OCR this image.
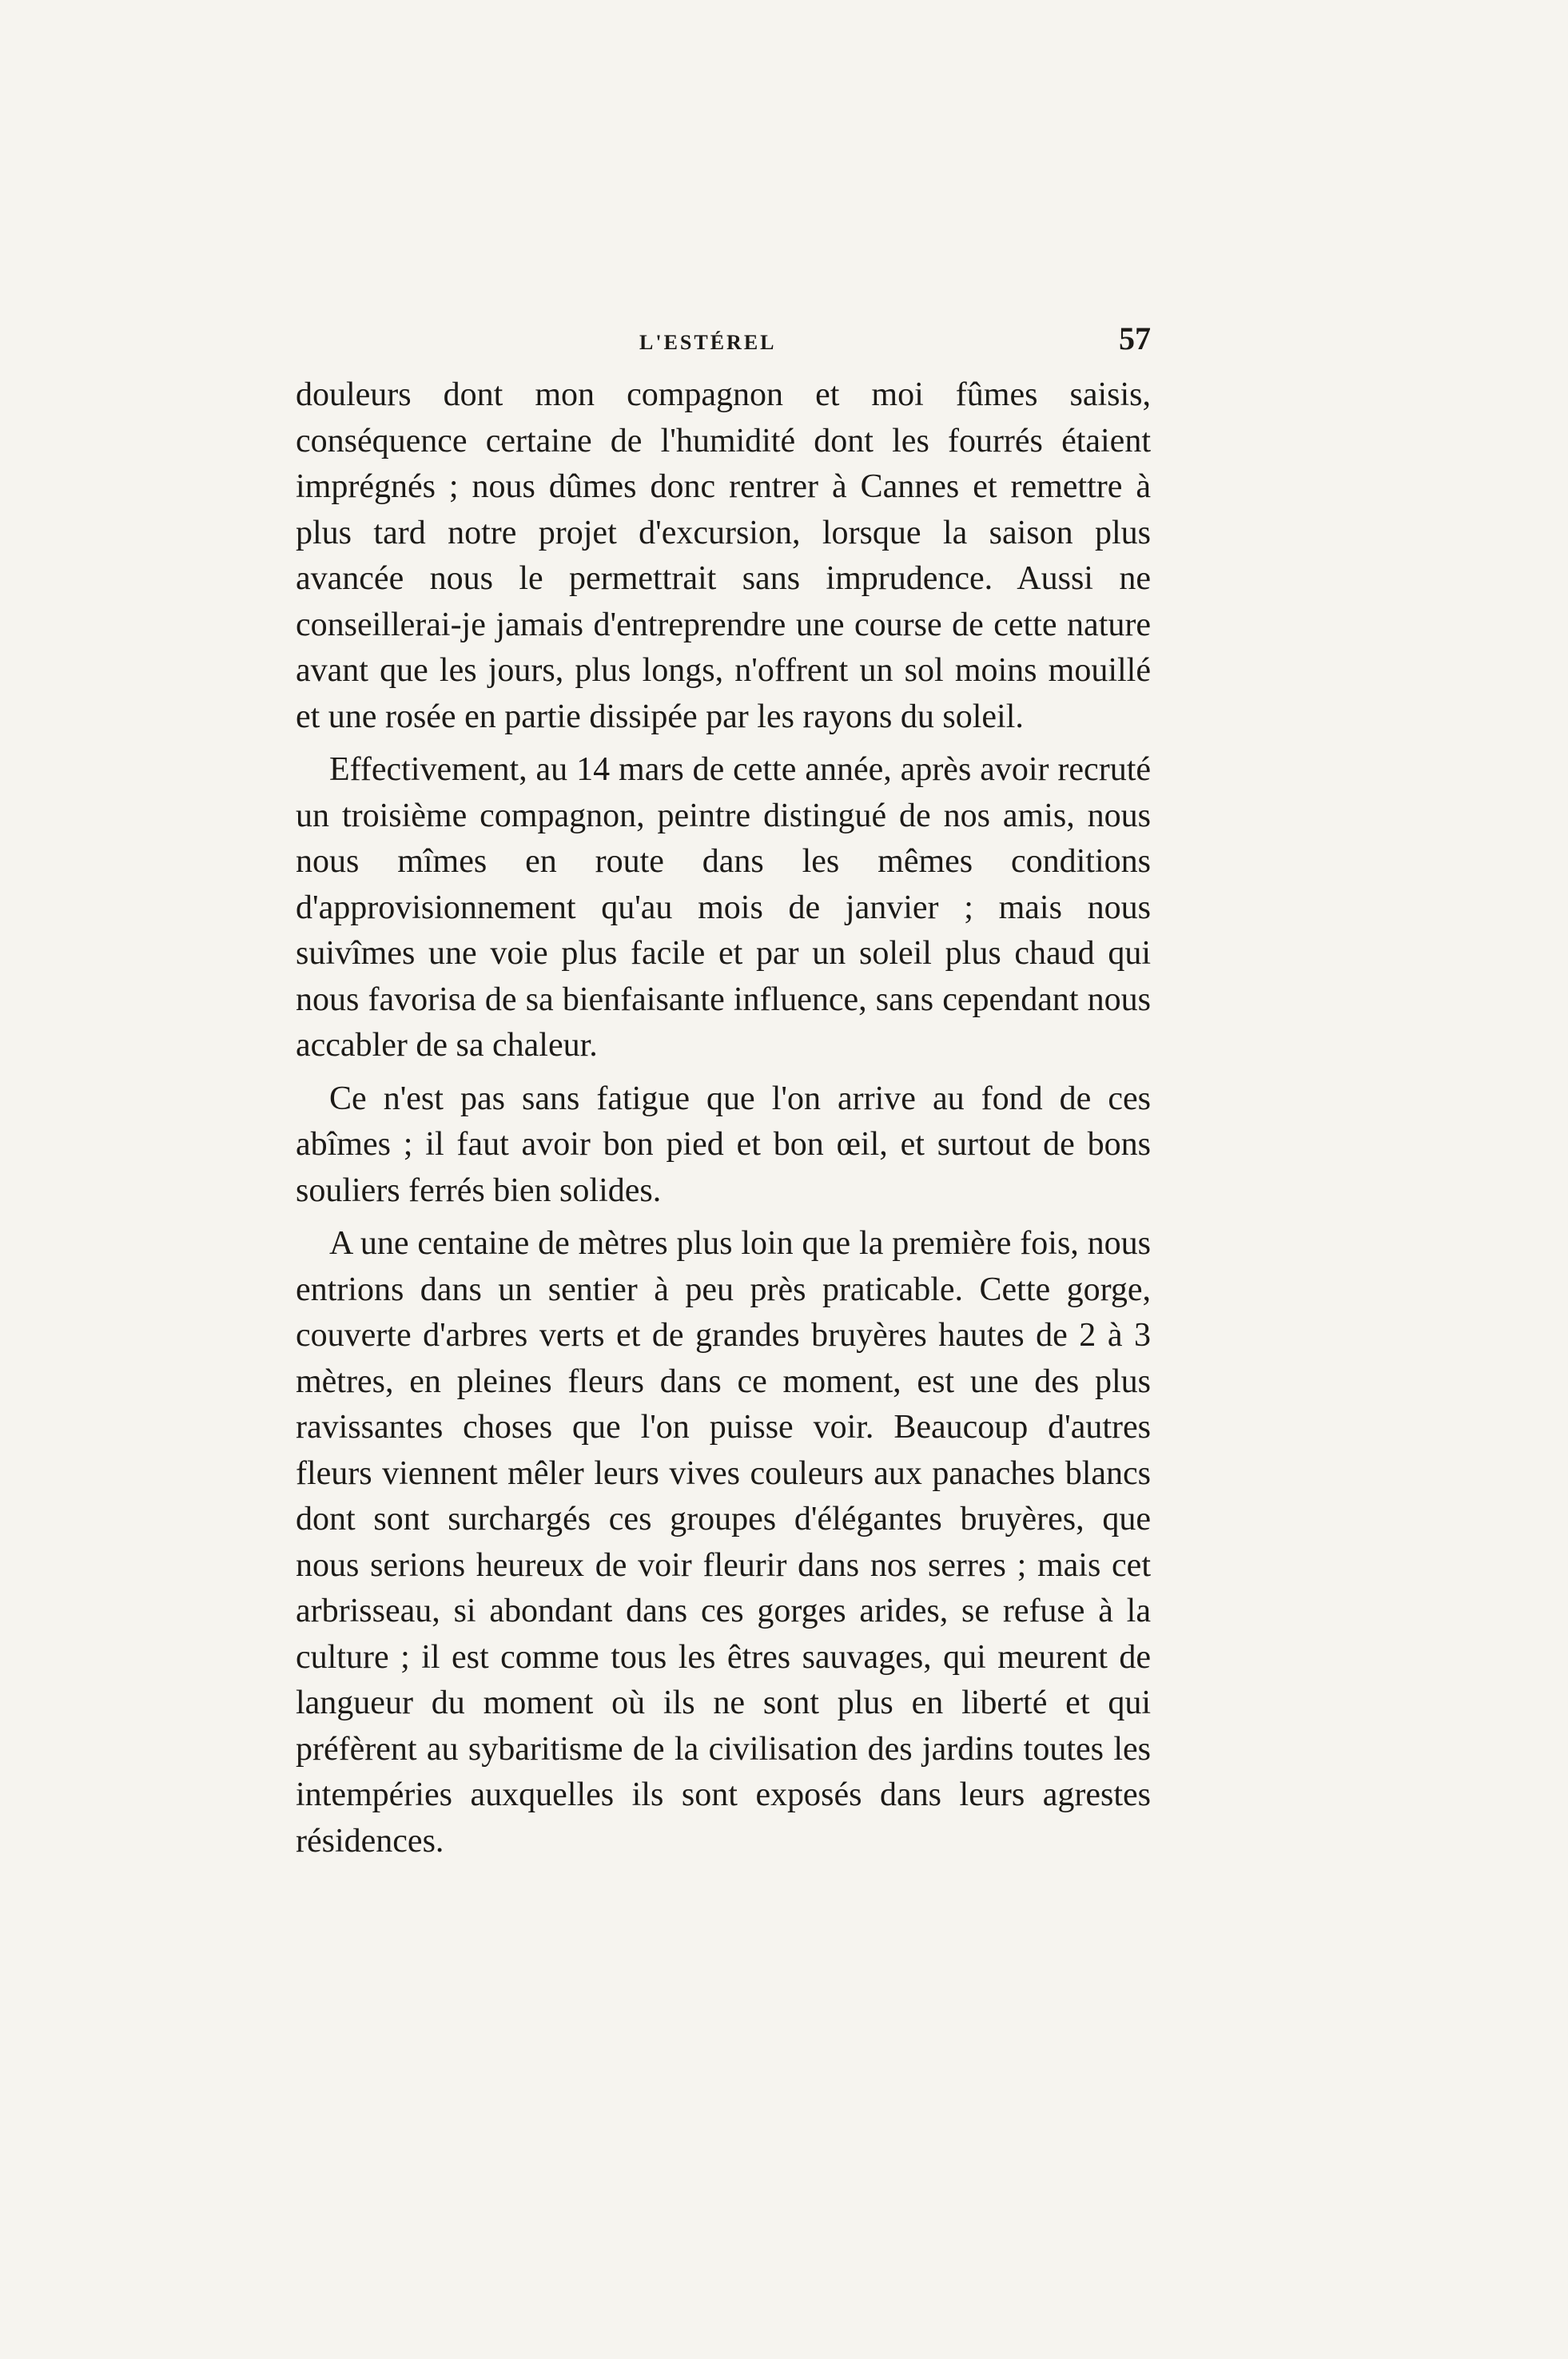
L'ESTÉREL	57

douleurs dont mon compagnon et moi fûmes saisis, conséquence certaine de l'humidité dont les fourrés étaient imprégnés ; nous dûmes donc rentrer à Cannes et remettre à plus tard notre projet d'excursion, lorsque la saison plus avancée nous le permettrait sans imprudence. Aussi ne conseillerai-je jamais d'entreprendre une course de cette nature avant que les jours, plus longs, n'offrent un sol moins mouillé et une rosée en partie dissipée par les rayons du soleil.

Effectivement, au 14 mars de cette année, après avoir recruté un troisième compagnon, peintre distingué de nos amis, nous nous mîmes en route dans les mêmes conditions d'approvisionnement qu'au mois de janvier ; mais nous suivîmes une voie plus facile et par un soleil plus chaud qui nous favorisa de sa bienfaisante influence, sans cependant nous accabler de sa chaleur.

Ce n'est pas sans fatigue que l'on arrive au fond de ces abîmes ; il faut avoir bon pied et bon œil, et surtout de bons souliers ferrés bien solides.

A une centaine de mètres plus loin que la première fois, nous entrions dans un sentier à peu près praticable. Cette gorge, couverte d'arbres verts et de grandes bruyères hautes de 2 à 3 mètres, en pleines fleurs dans ce moment, est une des plus ravissantes choses que l'on puisse voir. Beaucoup d'autres fleurs viennent mêler leurs vives couleurs aux panaches blancs dont sont surchargés ces groupes d'élégantes bruyères, que nous serions heureux de voir fleurir dans nos serres ; mais cet arbrisseau, si abondant dans ces gorges arides, se refuse à la culture ; il est comme tous les êtres sauvages, qui meurent de langueur du moment où ils ne sont plus en liberté et qui préfèrent au sybaritisme de la civilisation des jardins toutes les intempéries auxquelles ils sont exposés dans leurs agrestes résidences.
